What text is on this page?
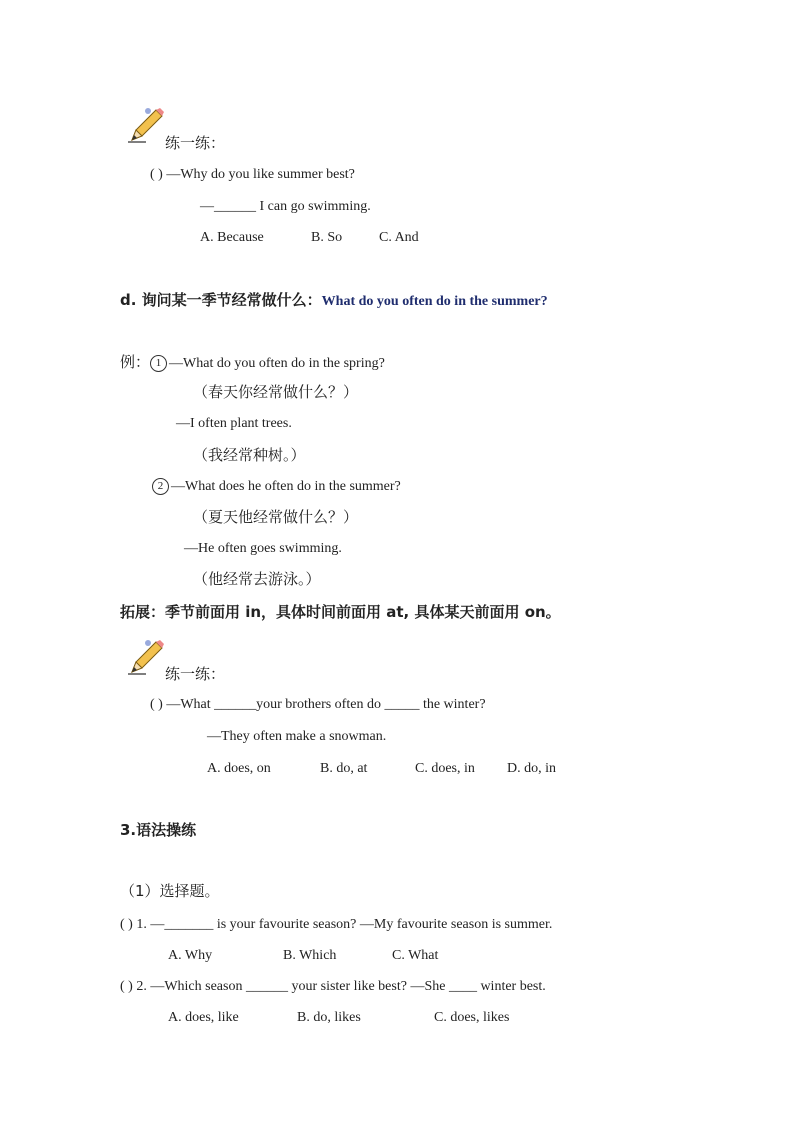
练一练：
( ) —Why do you like summer best?
—______ I can go swimming.
A. Because	B. So	C. And
d. 询问某一季节经常做什么：What do you often do in the summer?
例： 1 —What do you often do in the spring?
（春天你经常做什么？）
—I often plant trees.
（我经常种树。）
2 —What does he often do in the summer?
（夏天他经常做什么？）
—He often goes swimming.
（他经常去游泳。）
拓展：季节前面用 in，具体时间前面用 at, 具体某天前面用 on。
练一练：
( ) —What ______your brothers often do _____ the winter?
—They often make a snowman.
A. does, on	B. do, at	C. does, in D. do, in
3.语法操练
（1）选择题。
( ) 1. —_______ is your favourite season? —My favourite season is summer.
A. Why	B. Which	C. What
( ) 2. —Which season ______ your sister like best? —She ____ winter best.
A. does, like	B. do, likes	C. does, likes
